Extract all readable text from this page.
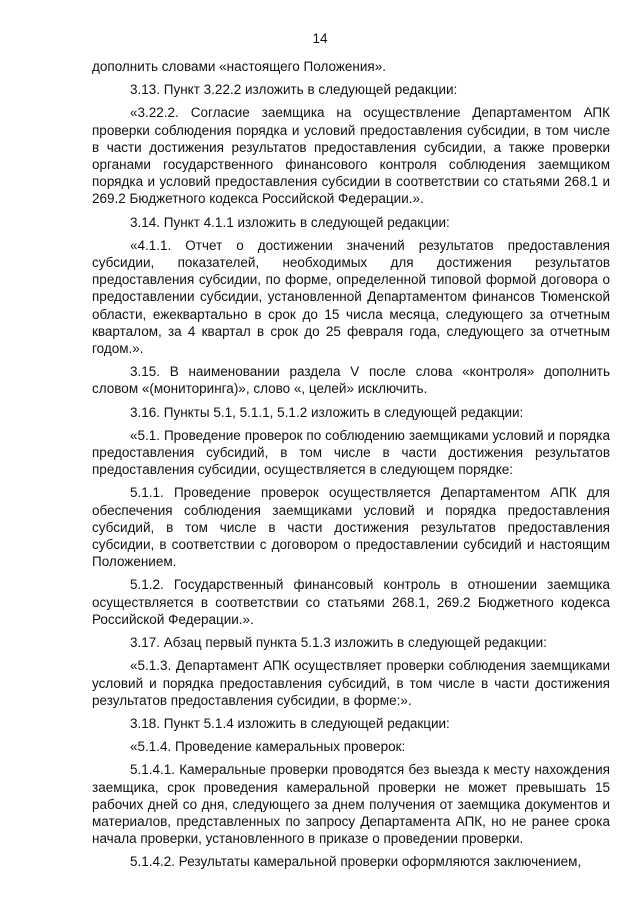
14

дополнить словами «настоящего Положения».

3.13. Пункт 3.22.2 изложить в следующей редакции:

«3.22.2. Согласие заемщика на осуществление Департаментом АПК проверки соблюдения порядка и условий предоставления субсидии, в том числе в части достижения результатов предоставления субсидии, а также проверки органами государственного финансового контроля соблюдения заемщиком порядка и условий предоставления субсидии в соответствии со статьями 268.1 и 269.2 Бюджетного кодекса Российской Федерации.».

3.14. Пункт 4.1.1 изложить в следующей редакции:

«4.1.1. Отчет о достижении значений результатов предоставления субсидии, показателей, необходимых для достижения результатов предоставления субсидии, по форме, определенной типовой формой договора о предоставлении субсидии, установленной Департаментом финансов Тюменской области, ежеквартально в срок до 15 числа месяца, следующего за отчетным кварталом, за 4 квартал в срок до 25 февраля года, следующего за отчетным годом.».

3.15. В наименовании раздела V после слова «контроля» дополнить словом «(мониторинга)», слово «, целей» исключить.

3.16. Пункты 5.1, 5.1.1, 5.1.2 изложить в следующей редакции:

«5.1. Проведение проверок по соблюдению заемщиками условий и порядка предоставления субсидий, в том числе в части достижения результатов предоставления субсидии, осуществляется в следующем порядке:

5.1.1. Проведение проверок осуществляется Департаментом АПК для обеспечения соблюдения заемщиками условий и порядка предоставления субсидий, в том числе в части достижения результатов предоставления субсидии, в соответствии с договором о предоставлении субсидий и настоящим Положением.

5.1.2. Государственный финансовый контроль в отношении заемщика осуществляется в соответствии со статьями 268.1, 269.2 Бюджетного кодекса Российской Федерации.».

3.17. Абзац первый пункта 5.1.3 изложить в следующей редакции:

«5.1.3. Департамент АПК осуществляет проверки соблюдения заемщиками условий и порядка предоставления субсидий, в том числе в части достижения результатов предоставления субсидии, в форме:».

3.18. Пункт 5.1.4 изложить в следующей редакции:

«5.1.4. Проведение камеральных проверок:

5.1.4.1. Камеральные проверки проводятся без выезда к месту нахождения заемщика, срок проведения камеральной проверки не может превышать 15 рабочих дней со дня, следующего за днем получения от заемщика документов и материалов, представленных по запросу Департамента АПК, но не ранее срока начала проверки, установленного в приказе о проведении проверки.

5.1.4.2. Результаты камеральной проверки оформляются заключением,
